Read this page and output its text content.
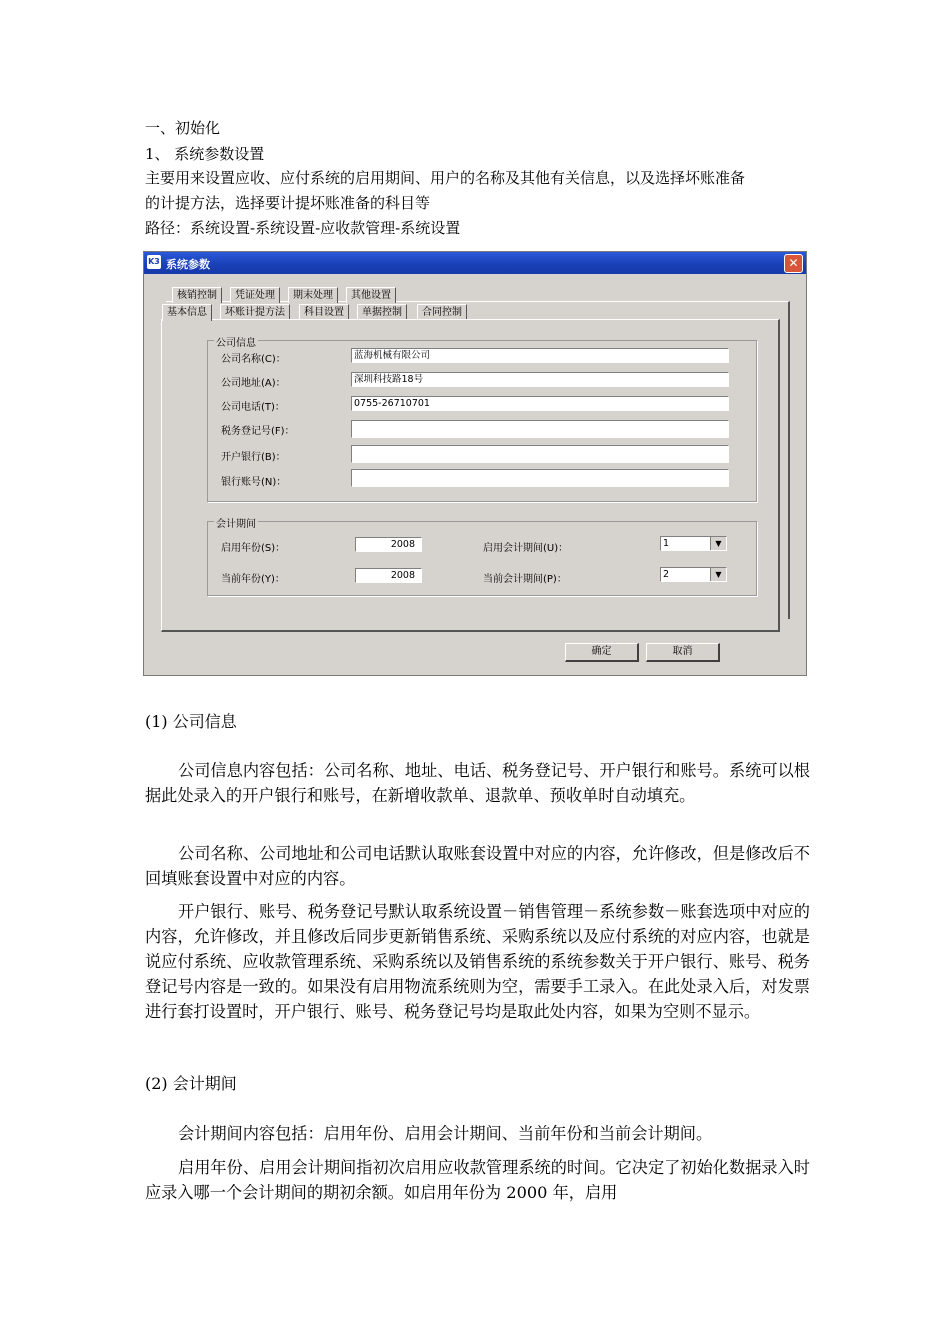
一、初始化
1、 系统参数设置
主要用来设置应收、应付系统的启用期间、用户的名称及其他有关信息，以及选择坏账准备
的计提方法，选择要计提坏账准备的科目等
路径：系统设置-系统设置-应收款管理-系统设置
K3 系统参数	✕
核销控制	凭证处理	期末处理	其他设置
基本信息	坏账计提方法	科目设置	单据控制	合同控制
公司信息
公司名称(C)：	蓝海机械有限公司
公司地址(A)：	深圳科技路18号
公司电话(T)：	0755-26710701
税务登记号(F)：
开户银行(B)：
银行账号(N)：
会计期间
启用年份(S)：	2008	启用会计期间(U)：	1	▼
当前年份(Y)：	2008	当前会计期间(P)：	2	▼
确定	取消
(1) 公司信息
公司信息内容包括：公司名称、地址、电话、税务登记号、开户银行和账号。系统可以根据此处录入的开户银行和账号，在新增收款单、退款单、预收单时自动填充。
公司名称、公司地址和公司电话默认取账套设置中对应的内容，允许修改，但是修改后不回填账套设置中对应的内容。
开户银行、账号、税务登记号默认取系统设置－销售管理－系统参数－账套选项中对应的内容，允许修改，并且修改后同步更新销售系统、采购系统以及应付系统的对应内容，也就是说应付系统、应收款管理系统、采购系统以及销售系统的系统参数关于开户银行、账号、税务登记号内容是一致的。如果没有启用物流系统则为空，需要手工录入。在此处录入后，对发票进行套打设置时，开户银行、账号、税务登记号均是取此处内容，如果为空则不显示。
(2) 会计期间
会计期间内容包括：启用年份、启用会计期间、当前年份和当前会计期间。
启用年份、启用会计期间指初次启用应收款管理系统的时间。它决定了初始化数据录入时应录入哪一个会计期间的期初余额。如启用年份为 2000 年，启用
